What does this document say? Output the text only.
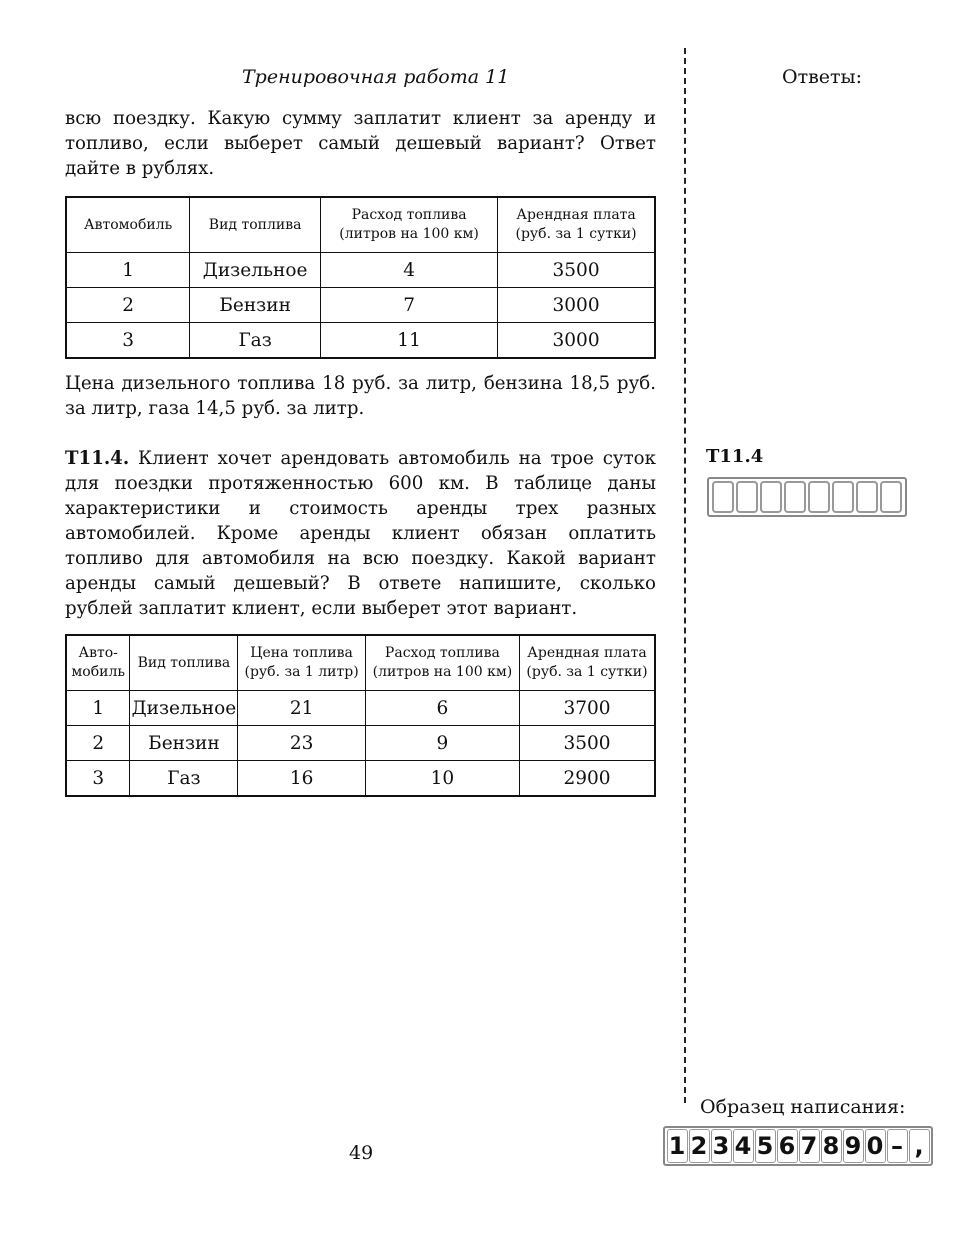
Тренировочная работа 11	Ответы:

всю поездку. Какую сумму заплатит клиент за аренду и топливо, если выберет самый дешевый вариант? Ответ дайте в рублях.

Автомобиль	Вид топлива	Расход топлива (литров на 100 км)	Арендная плата (руб. за 1 сутки)
1	Дизельное	4	3500
2	Бензин	7	3000
3	Газ	11	3000

Цена дизельного топлива 18 руб. за литр, бензина 18,5 руб. за литр, газа 14,5 руб. за литр.

T11.4. Клиент хочет арендовать автомобиль на трое суток для поездки протяженностью 600 км. В таблице даны характеристики и стоимость аренды трех разных автомобилей. Кроме аренды клиент обязан оплатить топливо для автомобиля на всю поездку. Какой вариант аренды самый дешевый? В ответе напишите, сколько рублей заплатит клиент, если выберет этот вариант.

Авто-мобиль	Вид топлива	Цена топлива (руб. за 1 литр)	Расход топлива (литров на 100 км)	Арендная плата (руб. за 1 сутки)
1	Дизельное	21	6	3700
2	Бензин	23	9	3500
3	Газ	16	10	2900
T11.4
Образец написания:
1 2 3 4 5 6 7 8 9 0 – ,
49
